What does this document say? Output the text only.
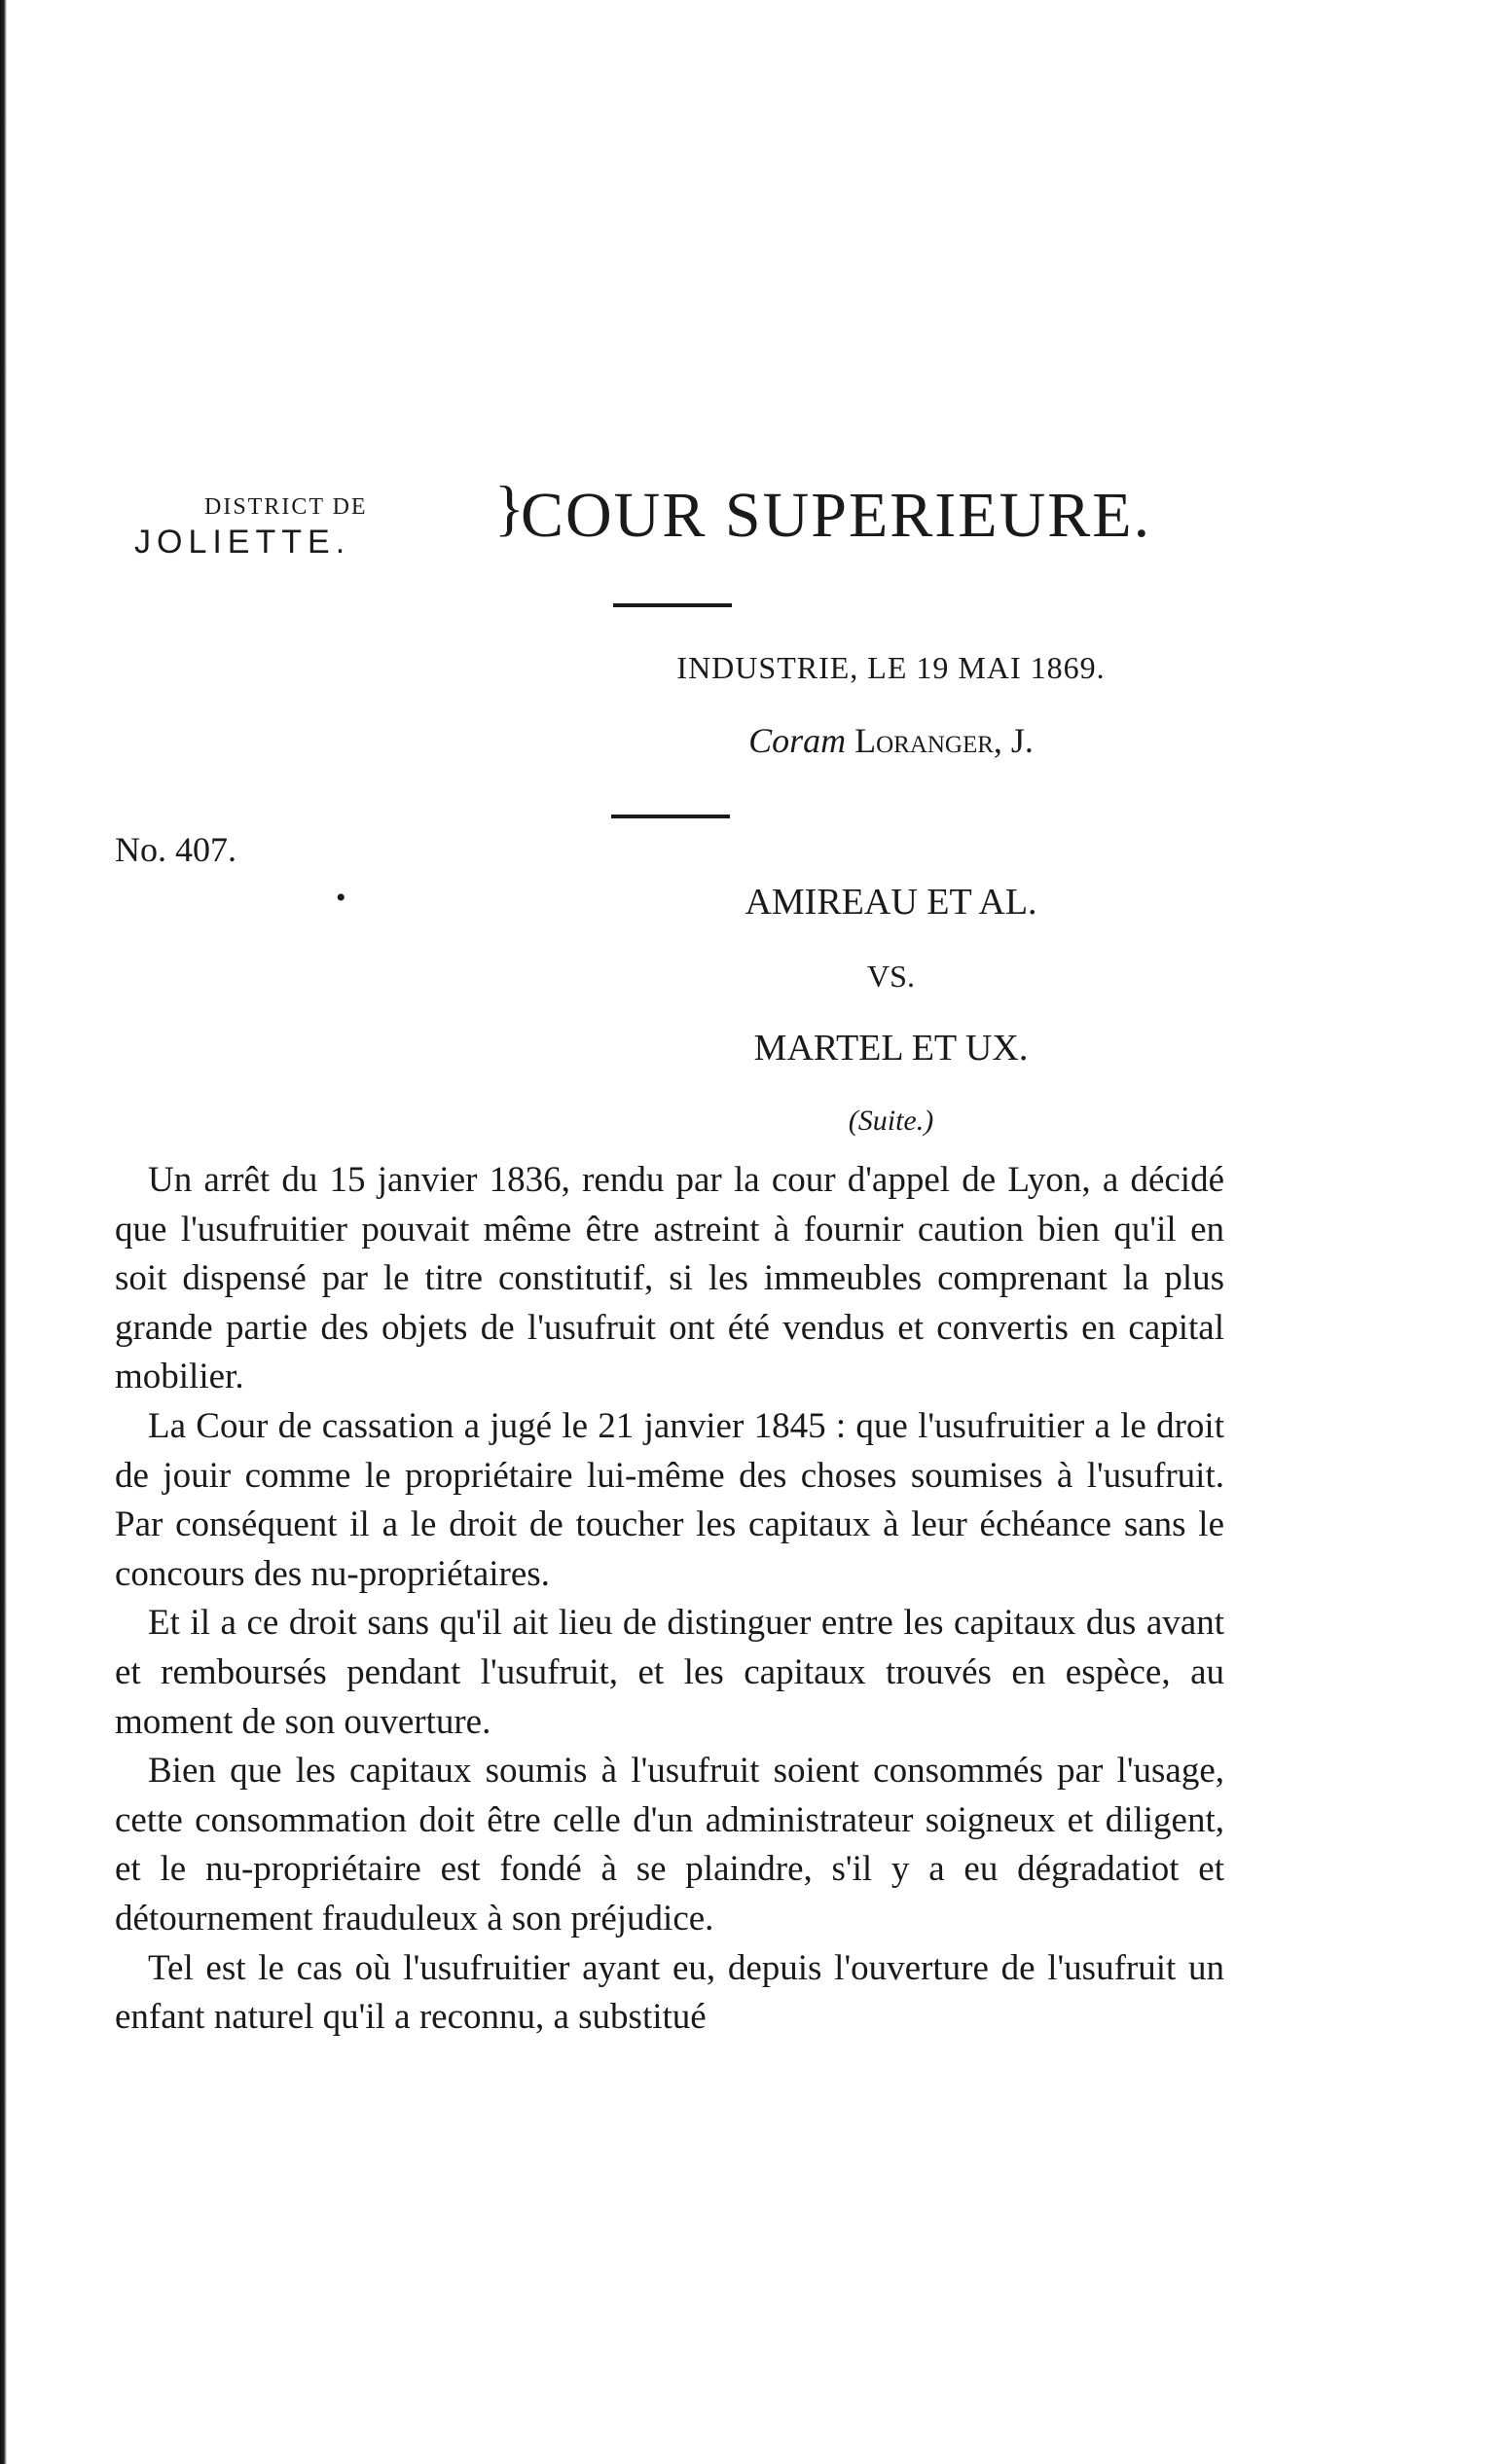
DISTRICT DE
JOLIETTE. }
COUR SUPERIEURE.
INDUSTRIE, LE 19 MAI 1869.
Coram Loranger, J.
No. 407.
•	AMIREAU ET AL.
VS.
MARTEL ET UX.
(Suite.)

Un arrêt du 15 janvier 1836, rendu par la cour d'appel de Lyon, a décidé que l'usufruitier pouvait même être astreint à fournir caution bien qu'il en soit dispensé par le titre constitutif, si les immeubles comprenant la plus grande partie des objets de l'usufruit ont été vendus et convertis en capital mobilier.

La Cour de cassation a jugé le 21 janvier 1845 : que l'usufruitier a le droit de jouir comme le propriétaire lui-même des choses soumises à l'usufruit. Par conséquent il a le droit de toucher les capitaux à leur échéance sans le concours des nu-propriétaires.

Et il a ce droit sans qu'il ait lieu de distinguer entre les capitaux dus avant et remboursés pendant l'usufruit, et les capitaux trouvés en espèce, au moment de son ouverture.

Bien que les capitaux soumis à l'usufruit soient consommés par l'usage, cette consommation doit être celle d'un administrateur soigneux et diligent, et le nu-propriétaire est fondé à se plaindre, s'il y a eu dégradatiot et détournement frauduleux à son préjudice.

Tel est le cas où l'usufruitier ayant eu, depuis l'ouverture de l'usufruit un enfant naturel qu'il a reconnu, a substitué
